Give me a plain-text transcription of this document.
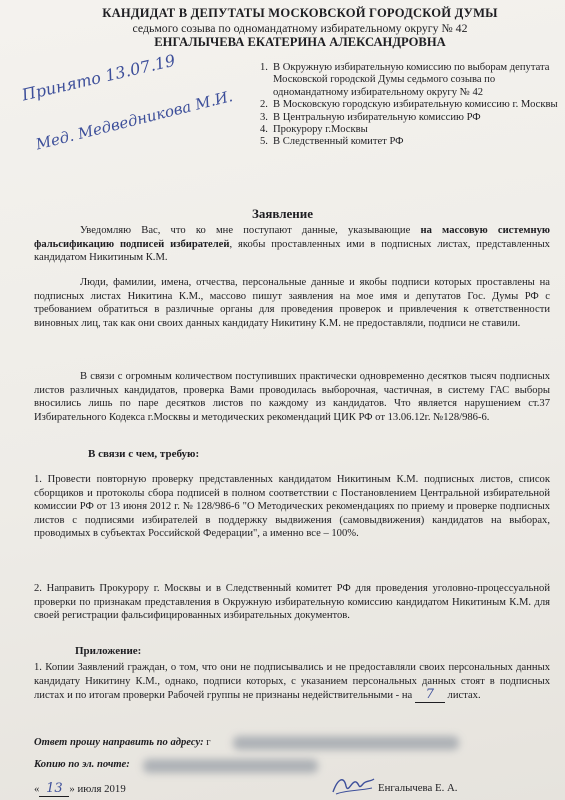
КАНДИДАТ В ДЕПУТАТЫ МОСКОВСКОЙ ГОРОДСКОЙ ДУМЫ
седьмого созыва по одномандатному избирательному округу № 42
ЕНГАЛЫЧЕВА ЕКАТЕРИНА АЛЕКСАНДРОВНА
Принято 13.07.19
Мед. Медведникова М.И.
1. В Окружную избирательную комиссию по выборам депутата Московской городской Думы седьмого созыва по одномандатному избирательному округу № 42
2. В Московскую городскую избирательную комиссию г. Москвы
3. В Центральную избирательную комиссию РФ
4. Прокурору г.Москвы
5. В Следственный комитет РФ
Заявление
Уведомляю Вас, что ко мне поступают данные, указывающие на массовую системную фальсификацию подписей избирателей, якобы проставленных ими в подписных листах, представленных кандидатом Никитиным К.М.
Люди, фамилии, имена, отчества, персональные данные и якобы подписи которых проставлены на подписных листах Никитина К.М., массово пишут заявления на мое имя и депутатов Гос. Думы РФ с требованием обратиться в различные органы для проведения проверок и привлечения к ответственности виновных лиц, так как они своих данных кандидату Никитину К.М. не предоставляли, подписи не ставили.
В связи с огромным количеством поступивших практически одновременно десятков тысяч подписных листов различных кандидатов, проверка Вами проводилась выборочная, частичная, в систему ГАС выборы вносились лишь по паре десятков листов по каждому из кандидатов. Что является нарушением ст.37 Избирательного Кодекса г.Москвы и методических рекомендаций ЦИК РФ от 13.06.12г. №128/986-6.
В связи с чем, требую:
1. Провести повторную проверку представленных кандидатом Никитиным К.М. подписных листов, список сборщиков и протоколы сбора подписей в полном соответствии с Постановлением Центральной избирательной комиссии РФ от 13 июня 2012 г. № 128/986-6 "О Методических рекомендациях по приему и проверке подписных листов с подписями избирателей в поддержку выдвижения (самовыдвижения) кандидатов на выборах, проводимых в субъектах Российской Федерации", а именно все – 100%.
2. Направить Прокурору г. Москвы и в Следственный комитет РФ для проведения уголовно-процессуальной проверки по признакам представления в Окружную избирательную комиссию кандидатом Никитиным К.М. для своей регистрации фальсифицированных избирательных документов.
Приложение:
1. Копии Заявлений граждан, о том, что они не подписывались и не предоставляли своих персональных данных кандидату Никитину К.М., однако, подписи которых, с указанием персональных данных стоят в подписных листах и по итогам проверки Рабочей группы не признаны недействительными - на 7 листах.
Ответ прошу направить по адресу: г
Копию по эл. почте:
« 13 » июля 2019	Енгалычева Е. А.
